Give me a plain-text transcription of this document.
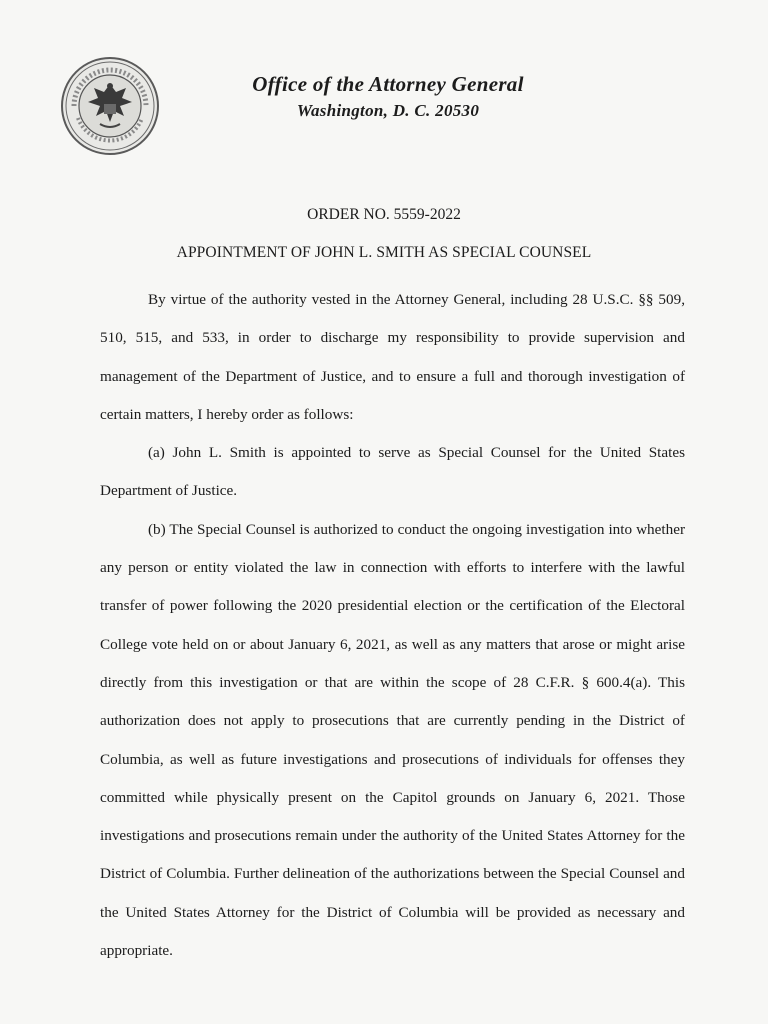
Office of the Attorney General
Washington, D. C. 20530
ORDER NO. 5559-2022
APPOINTMENT OF JOHN L. SMITH AS SPECIAL COUNSEL

By virtue of the authority vested in the Attorney General, including 28 U.S.C. §§ 509, 510, 515, and 533, in order to discharge my responsibility to provide supervision and management of the Department of Justice, and to ensure a full and thorough investigation of certain matters, I hereby order as follows:

(a) John L. Smith is appointed to serve as Special Counsel for the United States Department of Justice.

(b) The Special Counsel is authorized to conduct the ongoing investigation into whether any person or entity violated the law in connection with efforts to interfere with the lawful transfer of power following the 2020 presidential election or the certification of the Electoral College vote held on or about January 6, 2021, as well as any matters that arose or might arise directly from this investigation or that are within the scope of 28 C.F.R. § 600.4(a). This authorization does not apply to prosecutions that are currently pending in the District of Columbia, as well as future investigations and prosecutions of individuals for offenses they committed while physically present on the Capitol grounds on January 6, 2021. Those investigations and prosecutions remain under the authority of the United States Attorney for the District of Columbia. Further delineation of the authorizations between the Special Counsel and the United States Attorney for the District of Columbia will be provided as necessary and appropriate.
